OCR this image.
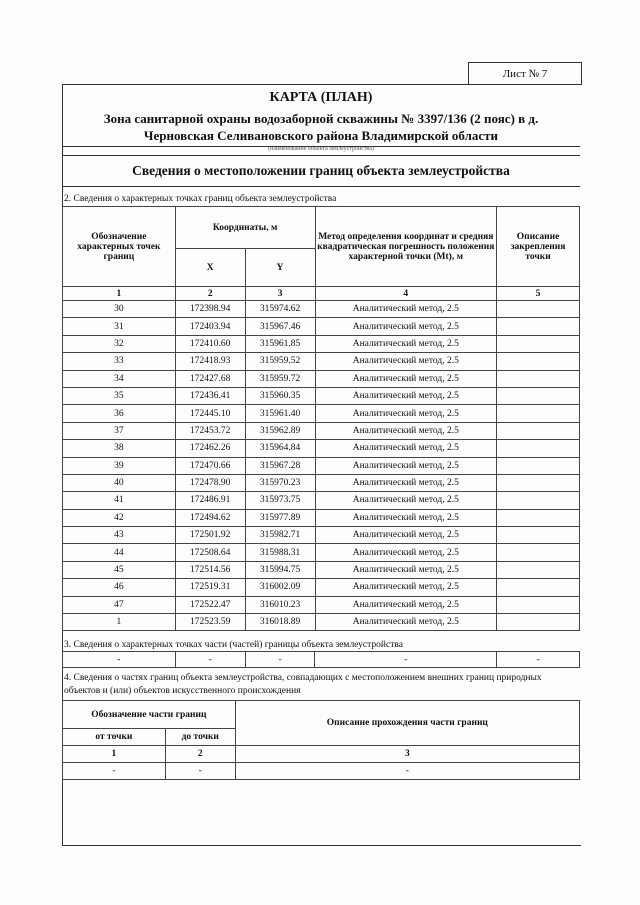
Лист № 7
КАРТА (ПЛАН)
Зона санитарной охраны водозаборной скважины № 3397/136 (2 пояс) в д.
Черновская Селивановского района Владимирской области
(наименование объекта землеустройства)
Сведения о местоположении границ объекта землеустройства
2. Сведения о характерных точках границ объекта землеустройства
Обозначение характерных точек границ	Координаты, м		Метод определения координат и средняя квадратическая погрешность положения характерной точки (Mt), м	Описание закрепления точки
	X	Y		
1	2	3	4	5
30	172398.94	315974.62	Аналитический метод, 2.5	
31	172403.94	315967.46	Аналитический метод, 2.5	
32	172410.60	315961.85	Аналитический метод, 2.5	
33	172418.93	315959.52	Аналитический метод, 2.5	
34	172427.68	315959.72	Аналитический метод, 2.5	
35	172436.41	315960.35	Аналитический метод, 2.5	
36	172445.10	315961.40	Аналитический метод, 2.5	
37	172453.72	315962.89	Аналитический метод, 2.5	
38	172462.26	315964.84	Аналитический метод, 2.5	
39	172470.66	315967.28	Аналитический метод, 2.5	
40	172478.90	315970.23	Аналитический метод, 2.5	
41	172486.91	315973.75	Аналитический метод, 2.5	
42	172494.62	315977.89	Аналитический метод, 2.5	
43	172501.92	315982.71	Аналитический метод, 2.5	
44	172508.64	315988.31	Аналитический метод, 2.5	
45	172514.56	315994.75	Аналитический метод, 2.5	
46	172519.31	316002.09	Аналитический метод, 2.5	
47	172522.47	316010.23	Аналитический метод, 2.5	
1	172523.59	316018.89	Аналитический метод, 2.5	
3. Сведения о характерных точках части (частей) границы объекта землеустройства
-	-	-	-	-
4. Сведения о частях границ объекта землеустройства, совпадающих с местоположением внешних границ природных объектов и (или) объектов искусственного происхождения
Обозначение части границ		Описание прохождения части границ
от точки	до точки	
1	2	3
-	-	-
